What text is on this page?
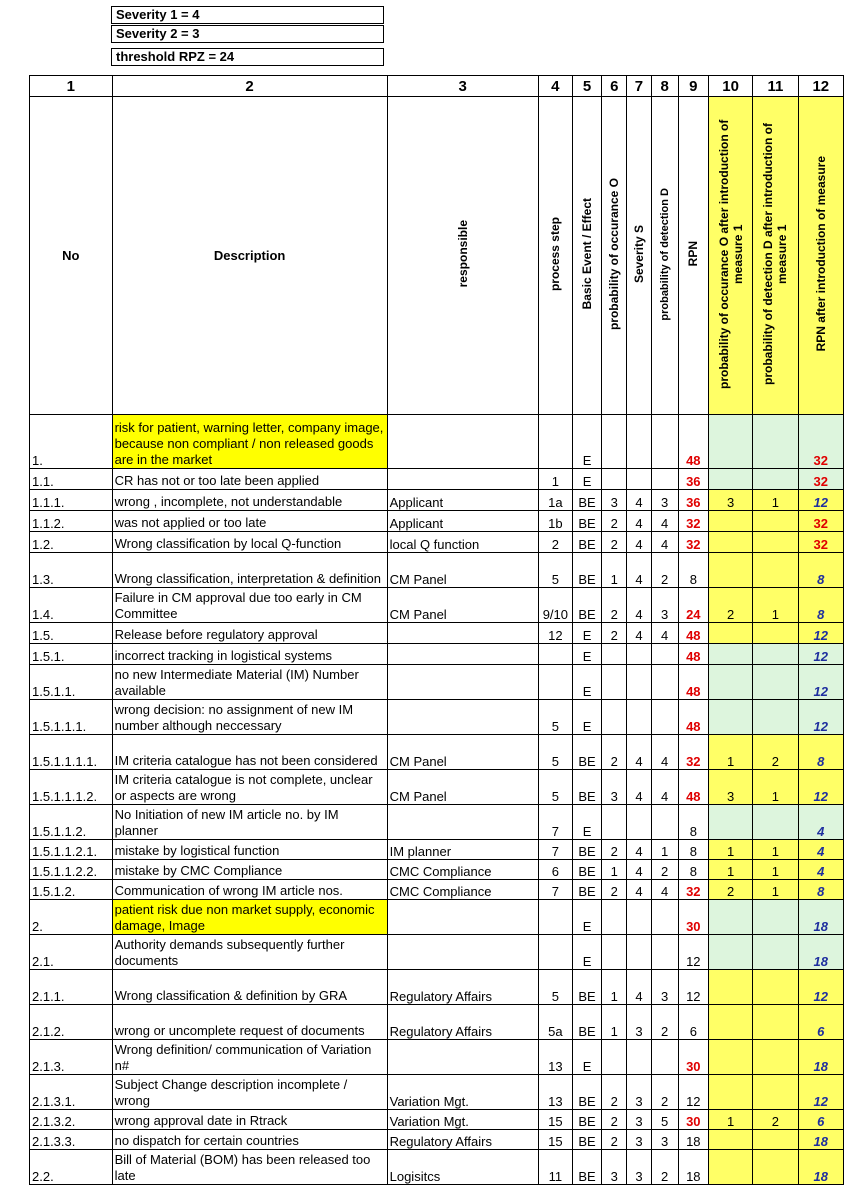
Severity 1 = 4
Severity 2 = 3
threshold RPZ = 24
1	2	3	4	5	6	7	8	9	10	11	12
No	Description	responsible	process step	Basic Event / Effect	probability of occurance O	Severity S	probability of detection D	RPN	probability of occurance O after introduction of measure 1	probability of detection D after introduction of measure 1	RPN after introduction of measure
1.	risk for patient, warning letter, company image, because non compliant / non released goods are in the market			E				48			32
1.1.	CR has not or too late been applied		1	E				36			32
1.1.1.	wrong , incomplete, not understandable	Applicant	1a	BE	3	4	3	36	3	1	12
1.1.2.	was not applied or too late	Applicant	1b	BE	2	4	4	32			32
1.2.	Wrong classification by local Q-function	local Q function	2	BE	2	4	4	32			32
1.3.	Wrong classification, interpretation & definition	CM Panel	5	BE	1	4	2	8			8
1.4.	Failure in CM approval due too early in CM Committee	CM Panel	9/10	BE	2	4	3	24	2	1	8
1.5.	Release before regulatory approval		12	E	2	4	4	48			12
1.5.1.	incorrect tracking in logistical systems			E				48			12
1.5.1.1.	no new Intermediate Material (IM) Number available			E				48			12
1.5.1.1.1.	wrong decision: no assignment of new IM number although neccessary		5	E				48			12
1.5.1.1.1.1.	IM criteria catalogue has not been considered	CM Panel	5	BE	2	4	4	32	1	2	8
1.5.1.1.1.2.	IM criteria catalogue is not complete, unclear or aspects are wrong	CM Panel	5	BE	3	4	4	48	3	1	12
1.5.1.1.2.	No Initiation of new IM article no. by IM planner		7	E				8			4
1.5.1.1.2.1.	mistake by logistical function	IM planner	7	BE	2	4	1	8	1	1	4
1.5.1.1.2.2.	mistake by CMC Compliance	CMC Compliance	6	BE	1	4	2	8	1	1	4
1.5.1.2.	Communication of wrong IM article nos.	CMC Compliance	7	BE	2	4	4	32	2	1	8
2.	patient risk due non market supply, economic damage, Image			E				30			18
2.1.	Authority demands subsequently further documents			E				12			18
2.1.1.	Wrong classification & definition by GRA	Regulatory Affairs	5	BE	1	4	3	12			12
2.1.2.	wrong or uncomplete request of documents	Regulatory Affairs	5a	BE	1	3	2	6			6
2.1.3.	Wrong definition/ communication of Variation n#		13	E				30			18
2.1.3.1.	Subject Change description incomplete / wrong	Variation Mgt.	13	BE	2	3	2	12			12
2.1.3.2.	wrong approval date in Rtrack	Variation Mgt.	15	BE	2	3	5	30	1	2	6
2.1.3.3.	no dispatch for certain countries	Regulatory Affairs	15	BE	2	3	3	18			18
2.2.	Bill of Material (BOM) has been released too late	Logisitcs	11	BE	3	3	2	18			18
